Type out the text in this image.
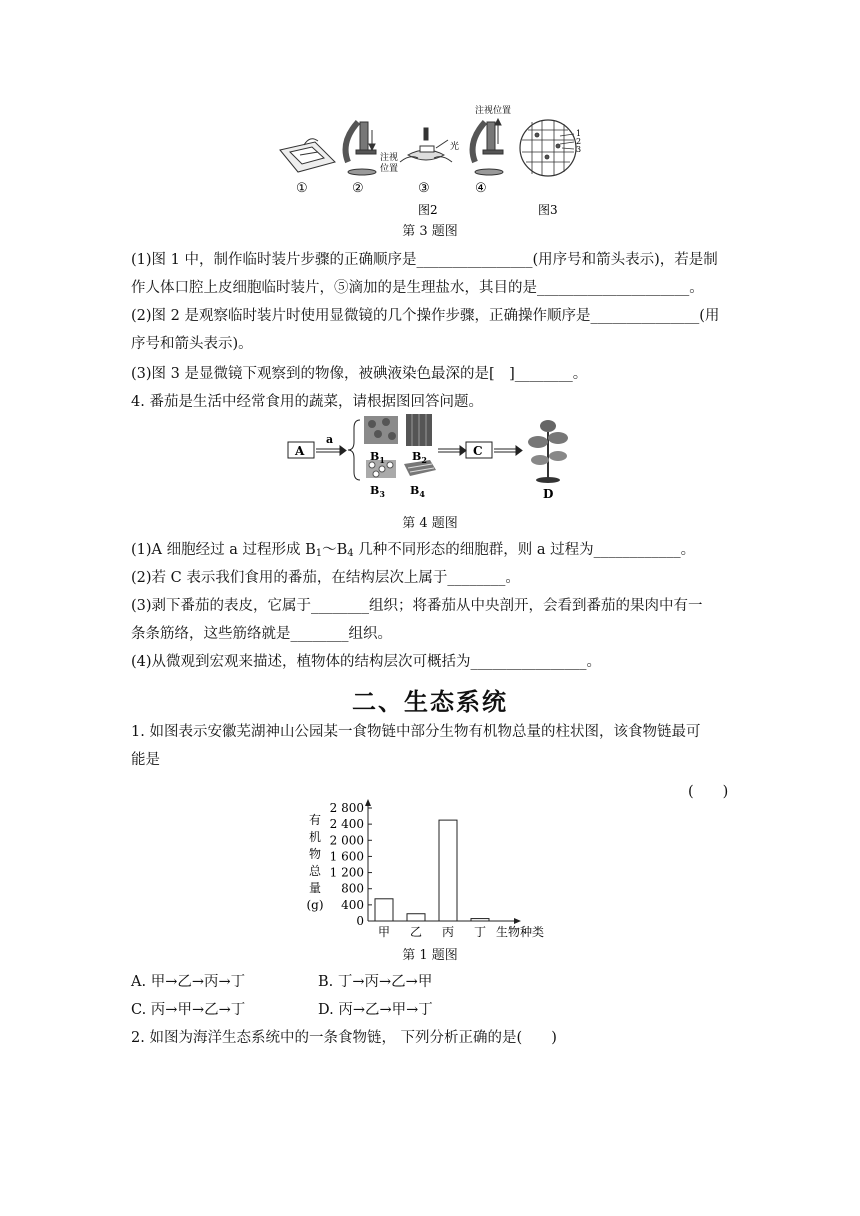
注视
位置
光
注视位置
1
2
3
①	②	③	④
图2	图3
第 3 题图
(1)图 1 中，制作临时装片步骤的正确顺序是________________(用序号和箭头表示)，若是制
作人体口腔上皮细胞临时装片，⑤滴加的是生理盐水，其目的是_____________________。
(2)图 2 是观察临时装片时使用显微镜的几个操作步骤，正确操作顺序是_______________(用
序号和箭头表示)。
(3)图 3 是显微镜下观察到的物像，被碘液染色最深的是[　]________。
4. 番茄是生活中经常食用的蔬菜，请根据图回答问题。
A
a
$B_1$ $B_2$
$B_3$ $B_4$
C
D
第 4 题图
(1)A 细胞经过 a 过程形成 $B_1\sim B_4$ 几种不同形态的细胞群，则 a 过程为____________。
(2)若 C 表示我们食用的番茄，在结构层次上属于________。
(3)剥下番茄的表皮，它属于________组织；将番茄从中央剖开，会看到番茄的果肉中有一
条条筋络，这些筋络就是________组织。
(4)从微观到宏观来描述，植物体的结构层次可概括为________________。
二、生态系统
1. 如图表示安徽芜湖神山公园某一食物链中部分生物有机物总量的柱状图，该食物链最可
能是
(　　)
0
400
800
1 200
1 600
2 000
2 400
2 800
有
机
物
总
量
(g)
甲 乙 丙 丁 生物种类
第 1 题图
A. 甲→乙→丙→丁	B. 丁→丙→乙→甲
C. 丙→甲→乙→丁	D. 丙→乙→甲→丁
2. 如图为海洋生态系统中的一条食物链， 下列分析正确的是(　　)
